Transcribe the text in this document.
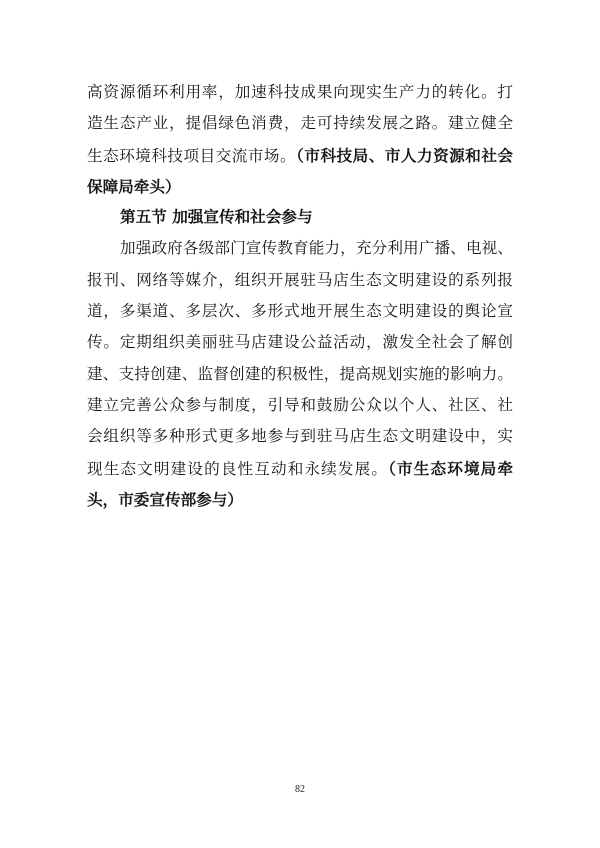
高资源循环利用率，加速科技成果向现实生产力的转化。打
造生态产业，提倡绿色消费，走可持续发展之路。建立健全
生态环境科技项目交流市场。（市科技局、市人力资源和社会
保障局牵头）
第五节 加强宣传和社会参与
加强政府各级部门宣传教育能力，充分利用广播、电视、
报刊、网络等媒介，组织开展驻马店生态文明建设的系列报
道，多渠道、多层次、多形式地开展生态文明建设的舆论宣
传。定期组织美丽驻马店建设公益活动，激发全社会了解创
建、支持创建、监督创建的积极性，提高规划实施的影响力。
建立完善公众参与制度，引导和鼓励公众以个人、社区、社
会组织等多种形式更多地参与到驻马店生态文明建设中，实
现生态文明建设的良性互动和永续发展。（市生态环境局牵
头，市委宣传部参与）
82
